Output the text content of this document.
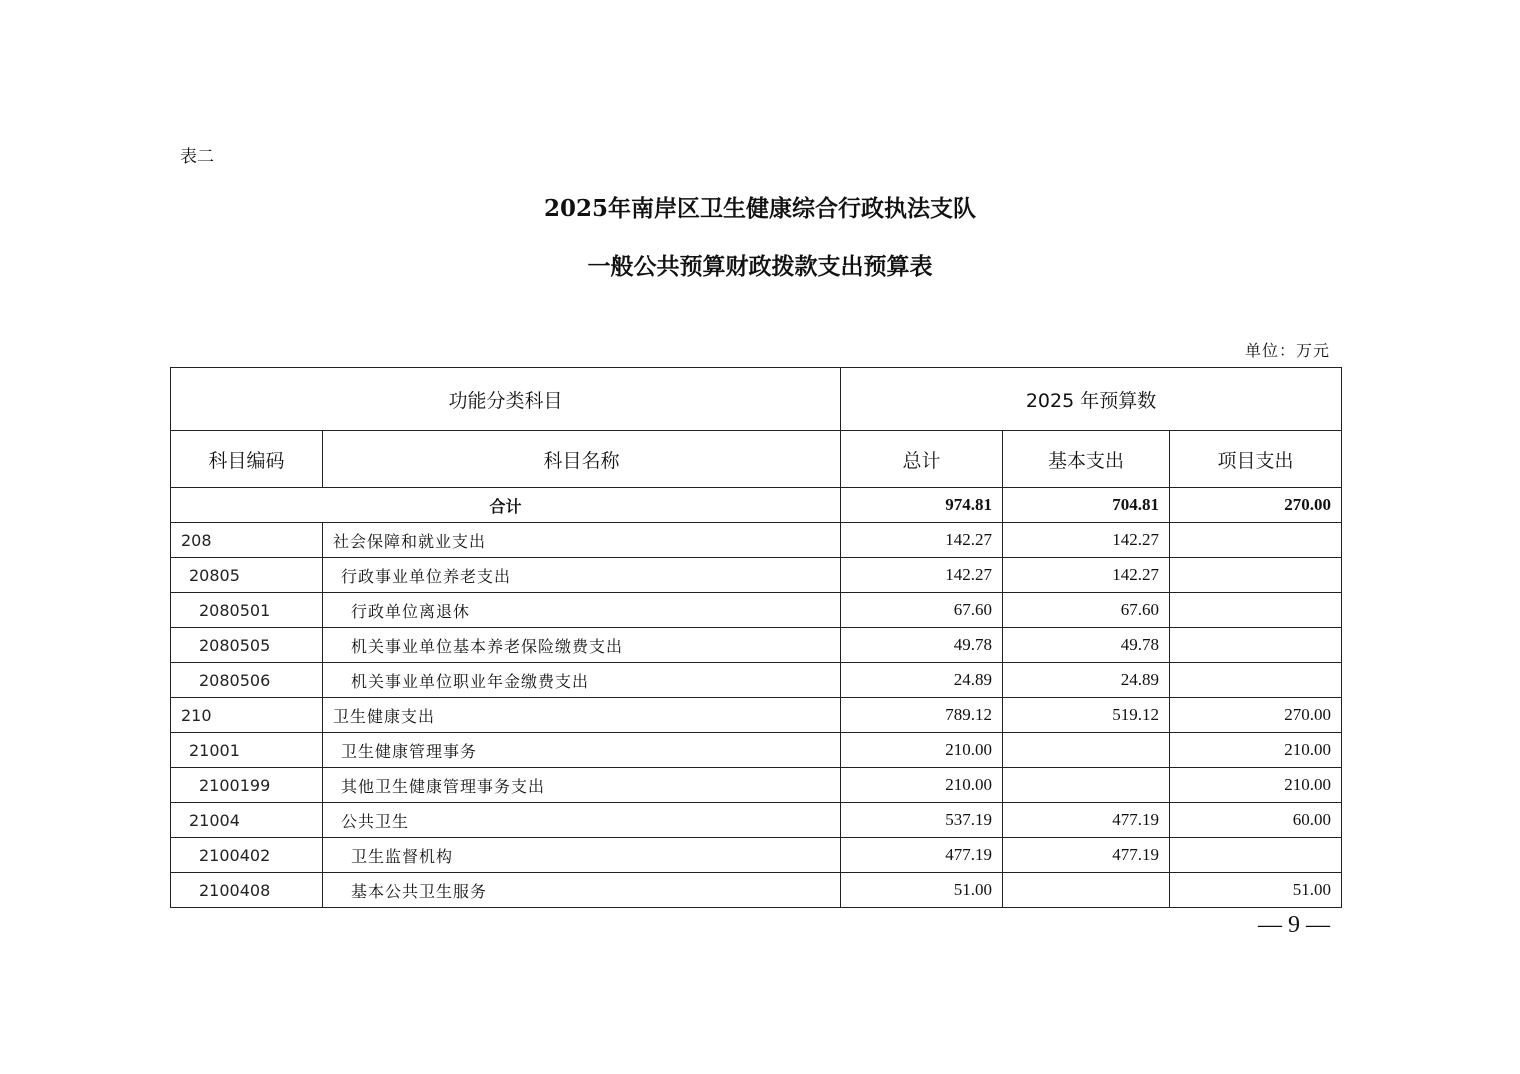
表二
2025年南岸区卫生健康综合行政执法支队
一般公共预算财政拨款支出预算表
单位：万元
功能分类科目		2025 年预算数		
科目编码	科目名称	总计	基本支出	项目支出
合计		974.81	704.81	270.00
208	社会保障和就业支出	142.27	142.27	
20805	行政事业单位养老支出	142.27	142.27	
2080501	行政单位离退休	67.60	67.60	
2080505	机关事业单位基本养老保险缴费支出	49.78	49.78	
2080506	机关事业单位职业年金缴费支出	24.89	24.89	
210	卫生健康支出	789.12	519.12	270.00
21001	卫生健康管理事务	210.00		210.00
2100199	其他卫生健康管理事务支出	210.00		210.00
21004	公共卫生	537.19	477.19	60.00
2100402	卫生监督机构	477.19	477.19	
2100408	基本公共卫生服务	51.00		51.00
— 9 —
